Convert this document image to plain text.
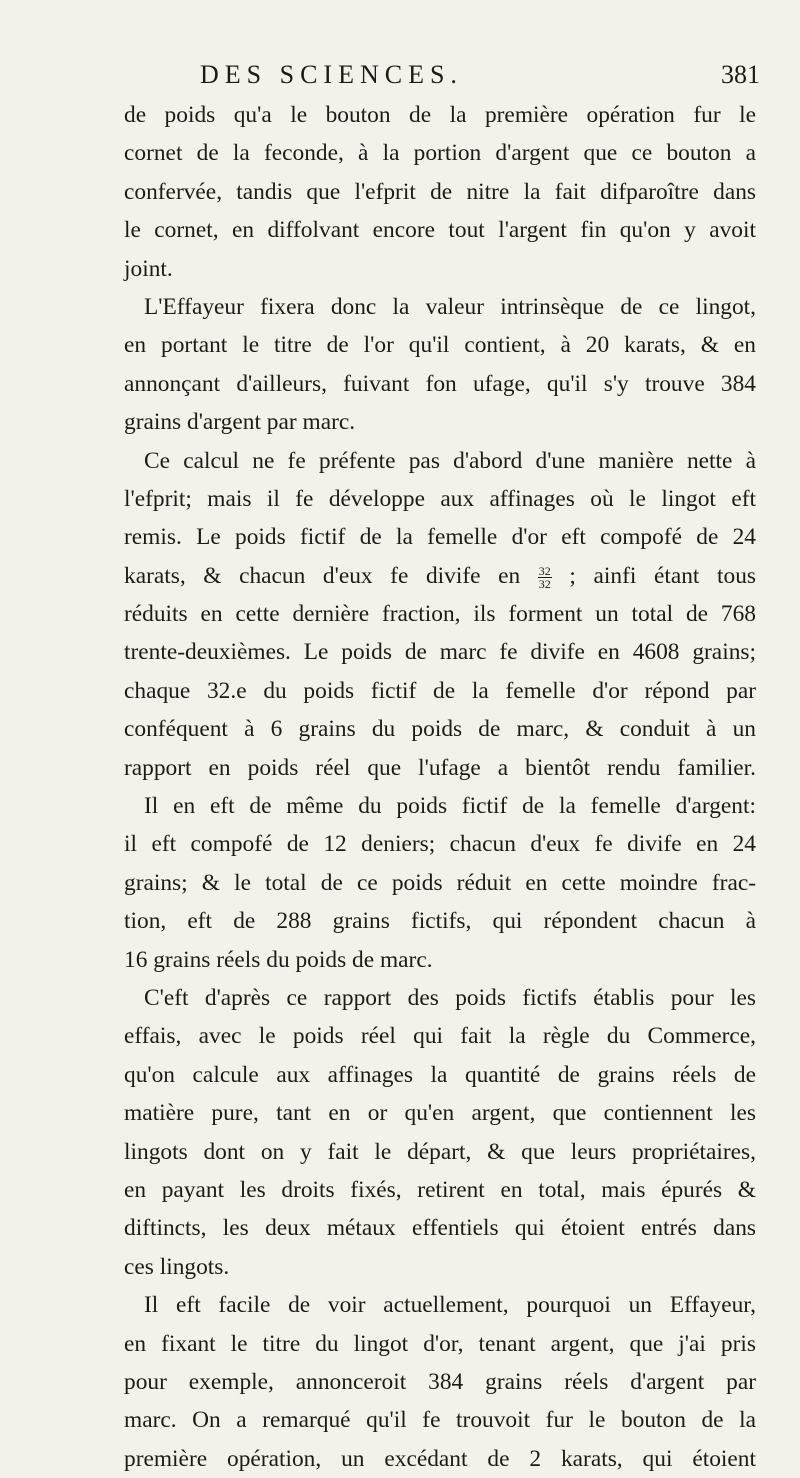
DES SCIENCES.	381
de poids qu'a le bouton de la première opération fur le
cornet de la feconde, à la portion d'argent que ce bouton a
confervée, tandis que l'efprit de nitre la fait difparoître dans
le cornet, en diffolvant encore tout l'argent fin qu'on y avoit
joint.
L'Effayeur fixera donc la valeur intrinsèque de ce lingot,
en portant le titre de l'or qu'il contient, à 20 karats, & en
annonçant d'ailleurs, fuivant fon ufage, qu'il s'y trouve 384
grains d'argent par marc.
Ce calcul ne fe préfente pas d'abord d'une manière nette à
l'efprit; mais il fe développe aux affinages où le lingot eft
remis. Le poids fictif de la femelle d'or eft compofé de 24
karats, & chacun d'eux fe divife en $\frac{32}{32}$ ; ainfi étant tous
réduits en cette dernière fraction, ils forment un total de 768
trente-deuxièmes. Le poids de marc fe divife en 4608 grains;
chaque 32.e du poids fictif de la femelle d'or répond par
conféquent à 6 grains du poids de marc, & conduit à un
rapport en poids réel que l'ufage a bientôt rendu familier.
Il en eft de même du poids fictif de la femelle d'argent:
il eft compofé de 12 deniers; chacun d'eux fe divife en 24
grains; & le total de ce poids réduit en cette moindre frac-
tion, eft de 288 grains fictifs, qui répondent chacun à
16 grains réels du poids de marc.
C'eft d'après ce rapport des poids fictifs établis pour les
effais, avec le poids réel qui fait la règle du Commerce,
qu'on calcule aux affinages la quantité de grains réels de
matière pure, tant en or qu'en argent, que contiennent les
lingots dont on y fait le départ, & que leurs propriétaires,
en payant les droits fixés, retirent en total, mais épurés &
diftincts, les deux métaux effentiels qui étoient entrés dans
ces lingots.
Il eft facile de voir actuellement, pourquoi un Effayeur,
en fixant le titre du lingot d'or, tenant argent, que j'ai pris
pour exemple, annonceroit 384 grains réels d'argent par
marc. On a remarqué qu'il fe trouvoit fur le bouton de la
première opération, un excédant de 2 karats, qui étoient
